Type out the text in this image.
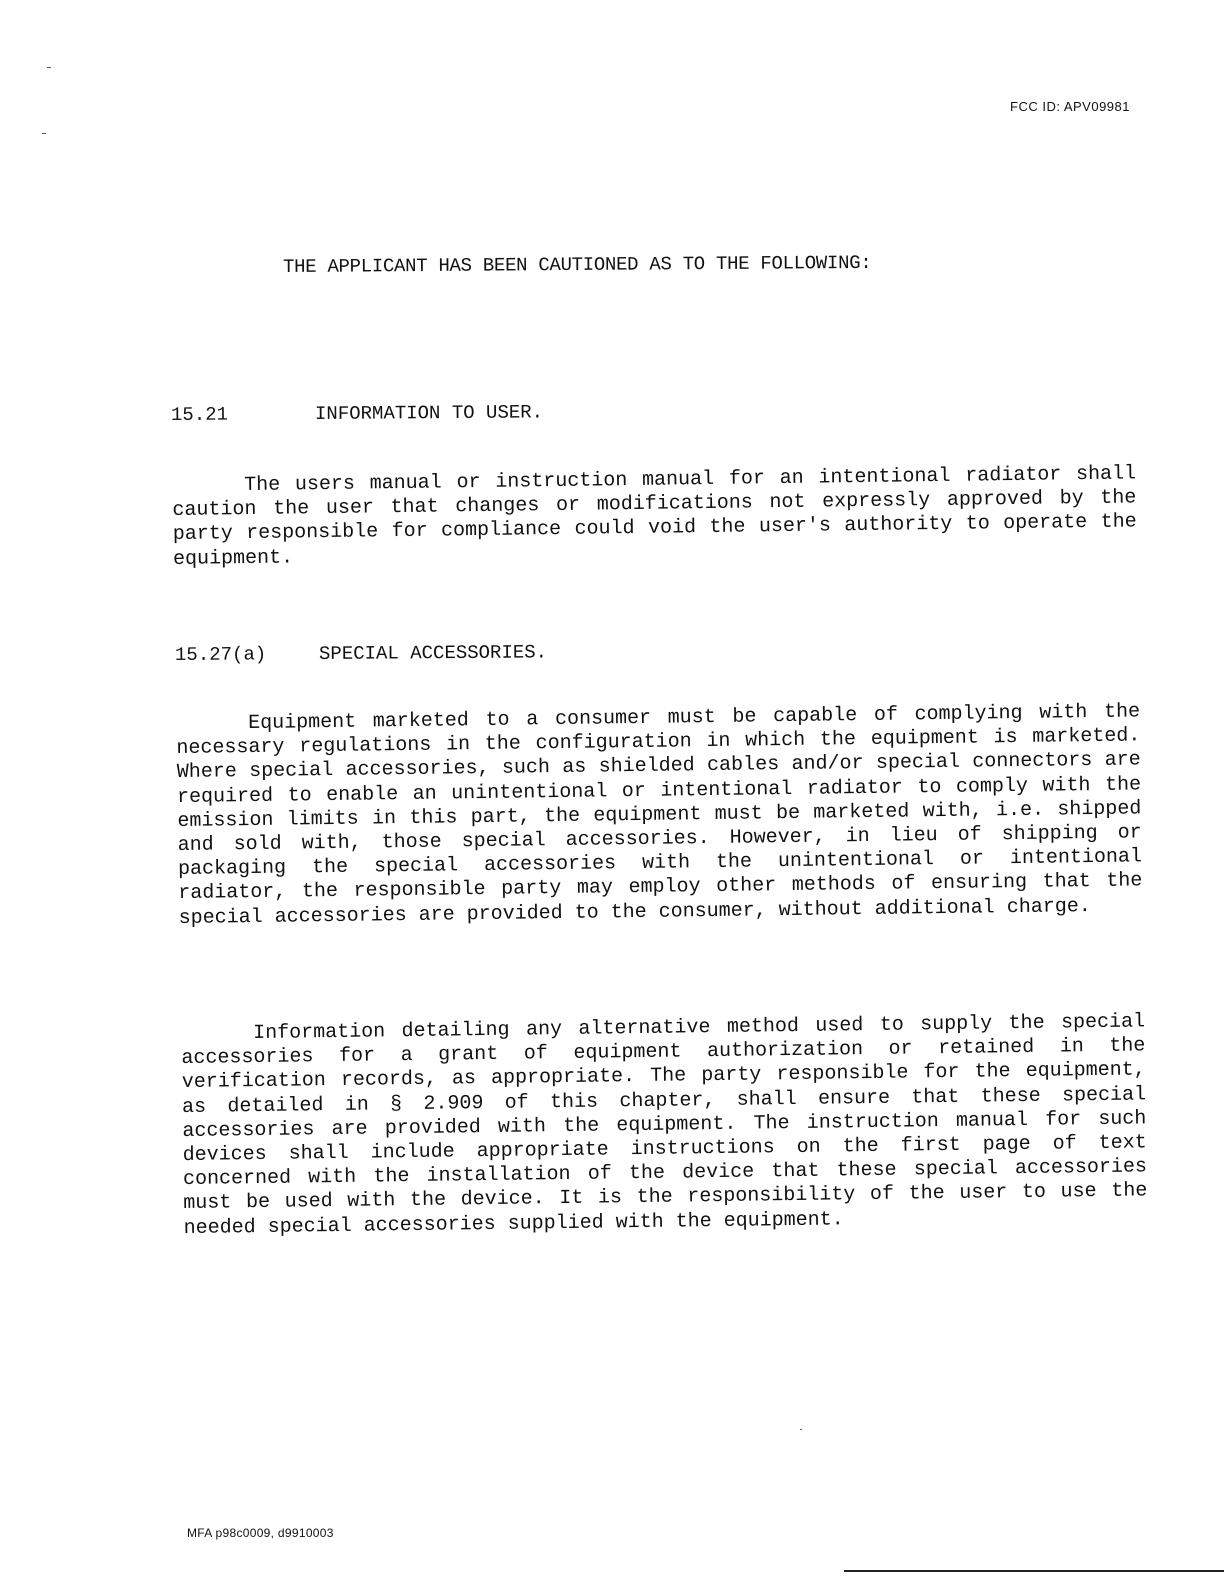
FCC ID: APV09981
THE APPLICANT HAS BEEN CAUTIONED AS TO THE FOLLOWING:
15.21	INFORMATION TO USER.

The users manual or instruction manual for an intentional radiator shall caution the user that changes or modifications not expressly approved by the party responsible for compliance could void the user's authority to operate the equipment.

15.27(a)	SPECIAL ACCESSORIES.

Equipment marketed to a consumer must be capable of complying with the necessary regulations in the configuration in which the equipment is marketed. Where special accessories, such as shielded cables and/or special connectors are required to enable an unintentional or intentional radiator to comply with the emission limits in this part, the equipment must be marketed with, i.e. shipped and sold with, those special accessories. However, in lieu of shipping or packaging the special accessories with the unintentional or intentional radiator, the responsible party may employ other methods of ensuring that the special accessories are provided to the consumer, without additional charge.

Information detailing any alternative method used to supply the special accessories for a grant of equipment authorization or retained in the verification records, as appropriate. The party responsible for the equipment, as detailed in § 2.909 of this chapter, shall ensure that these special accessories are provided with the equipment. The instruction manual for such devices shall include appropriate instructions on the first page of text concerned with the installation of the device that these special accessories must be used with the device. It is the responsibility of the user to use the needed special accessories supplied with the equipment.

MFA p98c0009, d9910003
